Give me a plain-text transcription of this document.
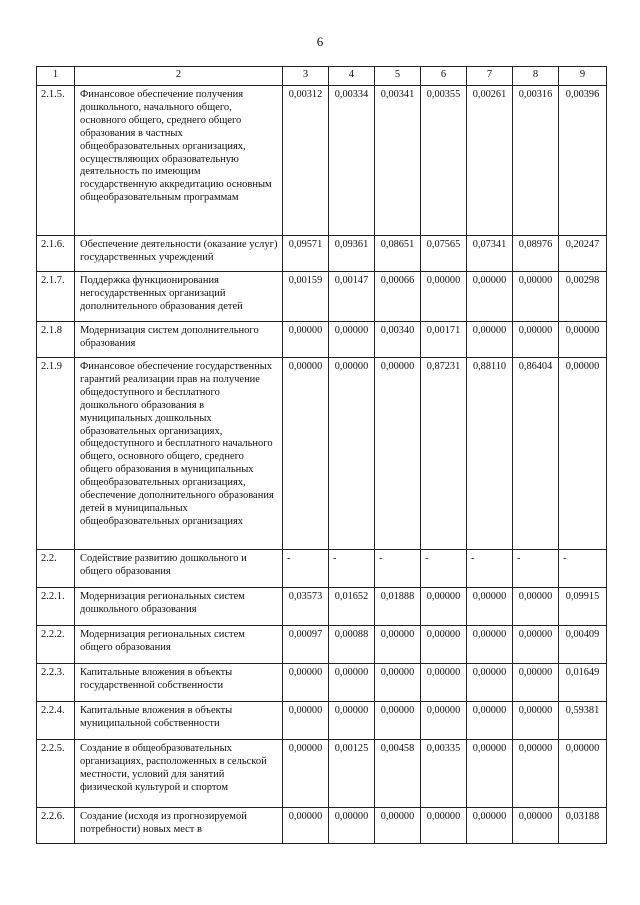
6
1	2	3	4	5	6	7	8	9
2.1.5.	Финансовое обеспечение получения дошкольного, начального общего, основного общего, среднего общего образования в частных общеобразовательных организациях, осуществляющих образовательную деятельность по имеющим государственную аккредитацию основным общеобразовательным программам	0,00312	0,00334	0,00341	0,00355	0,00261	0,00316	0,00396
2.1.6.	Обеспечение деятельности (оказание услуг) государственных учреждений	0,09571	0,09361	0,08651	0,07565	0,07341	0,08976	0,20247
2.1.7.	Поддержка функционирования негосударственных организаций дополнительного образования детей	0,00159	0,00147	0,00066	0,00000	0,00000	0,00000	0,00298
2.1.8	Модернизация систем дополнительного образования	0,00000	0,00000	0,00340	0,00171	0,00000	0,00000	0,00000
2.1.9	Финансовое обеспечение государственных гарантий реализации прав на получение общедоступного и бесплатного дошкольного образования в муниципальных дошкольных образовательных организациях, общедоступного и бесплатного начального общего, основного общего, среднего общего образования в муниципальных общеобразовательных организациях, обеспечение дополнительного образования детей в муниципальных общеобразовательных организациях	0,00000	0,00000	0,00000	0,87231	0,88110	0,86404	0,00000
2.2.	Содействие развитию дошкольного и общего образования	-	-	-	-	-	-	-
2.2.1.	Модернизация региональных систем дошкольного образования	0,03573	0,01652	0,01888	0,00000	0,00000	0,00000	0,09915
2.2.2.	Модернизация региональных систем общего образования	0,00097	0,00088	0,00000	0,00000	0,00000	0,00000	0,00409
2.2.3.	Капитальные вложения в объекты государственной собственности	0,00000	0,00000	0,00000	0,00000	0,00000	0,00000	0,01649
2.2.4.	Капитальные вложения в объекты муниципальной собственности	0,00000	0,00000	0,00000	0,00000	0,00000	0,00000	0,59381
2.2.5.	Создание в общеобразовательных организациях, расположенных в сельской местности, условий для занятий физической культурой и спортом	0,00000	0,00125	0,00458	0,00335	0,00000	0,00000	0,00000
2.2.6.	Создание (исходя из прогнозируемой потребности) новых мест в	0,00000	0,00000	0,00000	0,00000	0,00000	0,00000	0,03188
